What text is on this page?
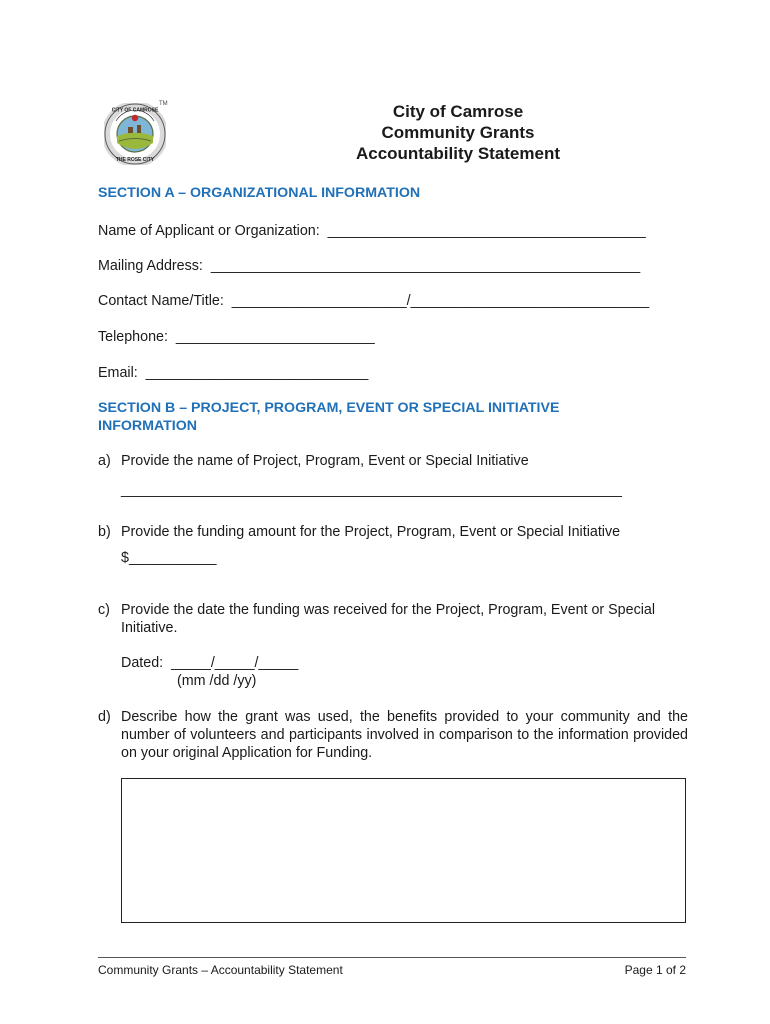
CITY OF CAMROSE
THE ROSE CITY
TM	City of Camrose
Community Grants
Accountability Statement
SECTION A – ORGANIZATIONAL INFORMATION
Name of Applicant or Organization:  ________________________________________
Mailing Address:  ______________________________________________________
Contact Name/Title:  ______________________/______________________________
Telephone:  _________________________
Email:  ____________________________
SECTION B – PROJECT, PROGRAM, EVENT OR SPECIAL INITIATIVE
INFORMATION
a) Provide the name of Project, Program, Event or Special Initiative
_______________________________________________________________
b) Provide the funding amount for the Project, Program, Event or Special Initiative
$___________
c) Provide the date the funding was received for the Project, Program, Event or Special Initiative.
Dated:  _____/_____/_____
(mm /dd /yy)
d) Describe how the grant was used, the benefits provided to your community and the number of volunteers and participants involved in comparison to the information provided on your original Application for Funding.
Community Grants – Accountability Statement	Page 1 of 2
